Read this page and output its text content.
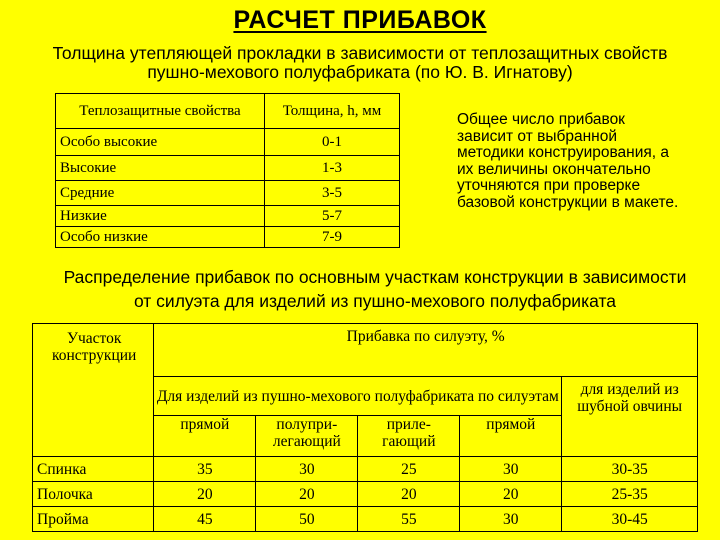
РАСЧЕТ ПРИБАВОК
Толщина утепляющей прокладки в зависимости от теплозащитных свойств пушно-мехового полуфабриката (по Ю. В. Игнатову)
Теплозащитные свойства	Толщина, h, мм
Особо высокие	0-1
Высокие	1-3
Средние	3-5
Низкие	5-7
Особо низкие	7-9
Общее число прибавок зависит от выбранной методики конструирования, а их величины окончательно уточняются при проверке базовой конструкции в макете.
Распределение прибавок по основным участкам конструкции в зависимости от силуэта для изделий из пушно-мехового полуфабриката
Участок конструкции	Прибавка по силуэту, %				
	Для изделий из пушно-мехового полуфабриката по силуэтам				для изделий из шубной овчины
	прямой	полупри-легающий	приле-гающий	прямой	
Спинка	35	30	25	30	30-35
Полочка	20	20	20	20	25-35
Пройма	45	50	55	30	30-45
